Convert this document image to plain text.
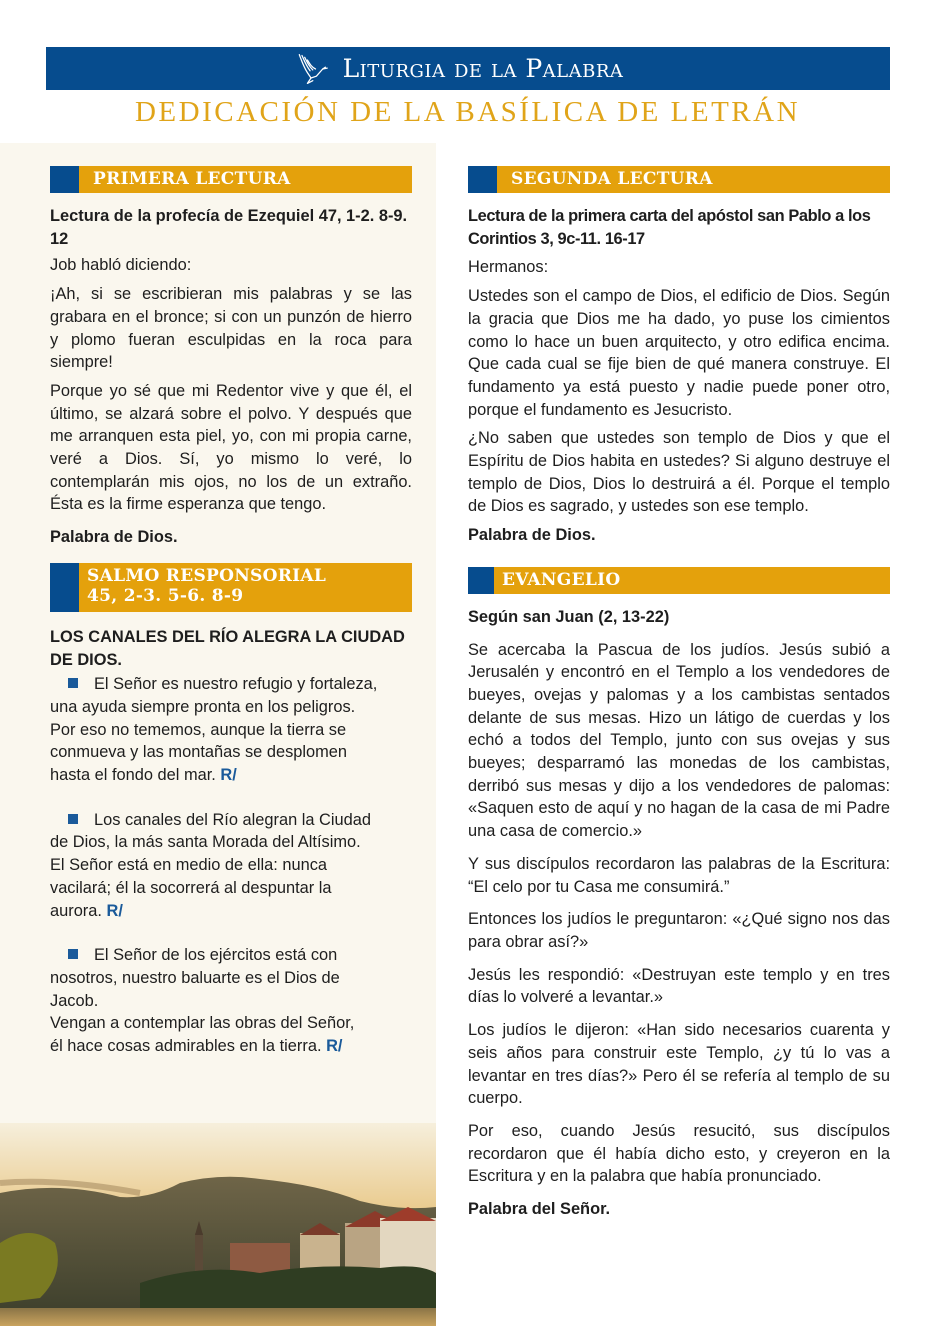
Liturgia de la Palabra
DEDICACIÓN DE LA BASÍLICA DE LETRÁN
PRIMERA LECTURA

Lectura de la profecía de Ezequiel 47, 1-2. 8-9. 12

Job habló diciendo:

¡Ah, si se escribieran mis palabras y se las grabara en el bronce; si con un punzón de hierro y plomo fueran esculpidas en la roca para siempre!

Porque yo sé que mi Redentor vive y que él, el último, se alzará sobre el polvo. Y después que me arranquen esta piel, yo, con mi propia carne, veré a Dios. Sí, yo mismo lo veré, lo contemplarán mis ojos, no los de un extraño. Ésta es la firme esperanza que tengo.

Palabra de Dios.

SALMO RESPONSORIAL
45, 2-3. 5-6. 8-9

LOS CANALES DEL RÍO ALEGRA LA CIUDAD DE DIOS.

El Señor es nuestro refugio y fortaleza,

una ayuda siempre pronta en los peligros.

Por eso no tememos, aunque la tierra se

conmueva y las montañas se desplomen

hasta el fondo del mar. R/

Los canales del Río alegran la Ciudad

de Dios, la más santa Morada del Altísimo.

El Señor está en medio de ella: nunca

vacilará; él la socorrerá al despuntar la

aurora. R/

El Señor de los ejércitos está con

nosotros, nuestro baluarte es el Dios de

Jacob.

Vengan a contemplar las obras del Señor,

él hace cosas admirables en la tierra. R/

SEGUNDA LECTURA

Lectura de la primera carta del apóstol san Pablo a los Corintios 3, 9c-11. 16-17

Hermanos:

Ustedes son el campo de Dios, el edificio de Dios. Según la gracia que Dios me ha dado, yo puse los cimientos como lo hace un buen arquitecto, y otro edifica encima. Que cada cual se fije bien de qué manera construye. El fundamento ya está puesto y nadie puede poner otro, porque el fundamento es Jesucristo.

¿No saben que ustedes son templo de Dios y que el Espíritu de Dios habita en ustedes? Si alguno destruye el templo de Dios, Dios lo destruirá a él. Porque el templo de Dios es sagrado, y ustedes son ese templo.

Palabra de Dios.

EVANGELIO

Según san Juan (2, 13-22)

Se acercaba la Pascua de los judíos. Jesús subió a Jerusalén y encontró en el Templo a los vendedores de bueyes, ovejas y palomas y a los cambistas sentados delante de sus mesas. Hizo un látigo de cuerdas y los echó a todos del Templo, junto con sus ovejas y sus bueyes; desparramó las monedas de los cambistas, derribó sus mesas y dijo a los vendedores de palomas: «Saquen esto de aquí y no hagan de la casa de mi Padre una casa de comercio.»

Y sus discípulos recordaron las palabras de la Escritura: “El celo por tu Casa me consumirá.”

Entonces los judíos le preguntaron: «¿Qué signo nos das para obrar así?»

Jesús les respondió: «Destruyan este templo y en tres días lo volveré a levantar.»

Los judíos le dijeron: «Han sido necesarios cuarenta y seis años para construir este Templo, ¿y tú lo vas a levantar en tres días?» Pero él se refería al templo de su cuerpo.

Por eso, cuando Jesús resucitó, sus discípulos recordaron que él había dicho esto, y creyeron en la Escritura y en la palabra que había pronunciado.

Palabra del Señor.
